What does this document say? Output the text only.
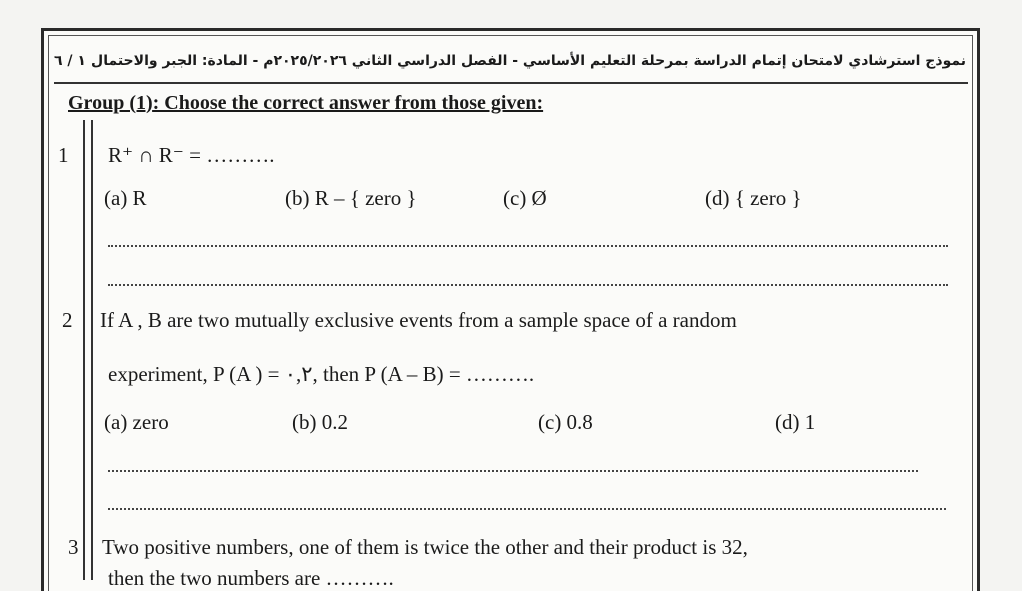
١ / ٦ نموذج استرشادي لامتحان إتمام الدراسة بمرحلة التعليم الأساسي - الفصل الدراسي الثاني ٢٠٢٥/٢٠٢٦م - المادة: الجبر والاحتمال
Group (1): Choose the correct answer from those given:
1 R⁺ ∩ R⁻ = ……….
(a) R	(b) R – { zero }	(c) Ø	(d) { zero }
2 If A , B are two mutually exclusive events from a sample space of a random
experiment, P (A ) = ٠,٢, then P (A – B) = ……….
(a) zero	(b) 0.2	(c) 0.8	(d) 1
3 Two positive numbers, one of them is twice the other and their product is 32,
then the two numbers are ……….
